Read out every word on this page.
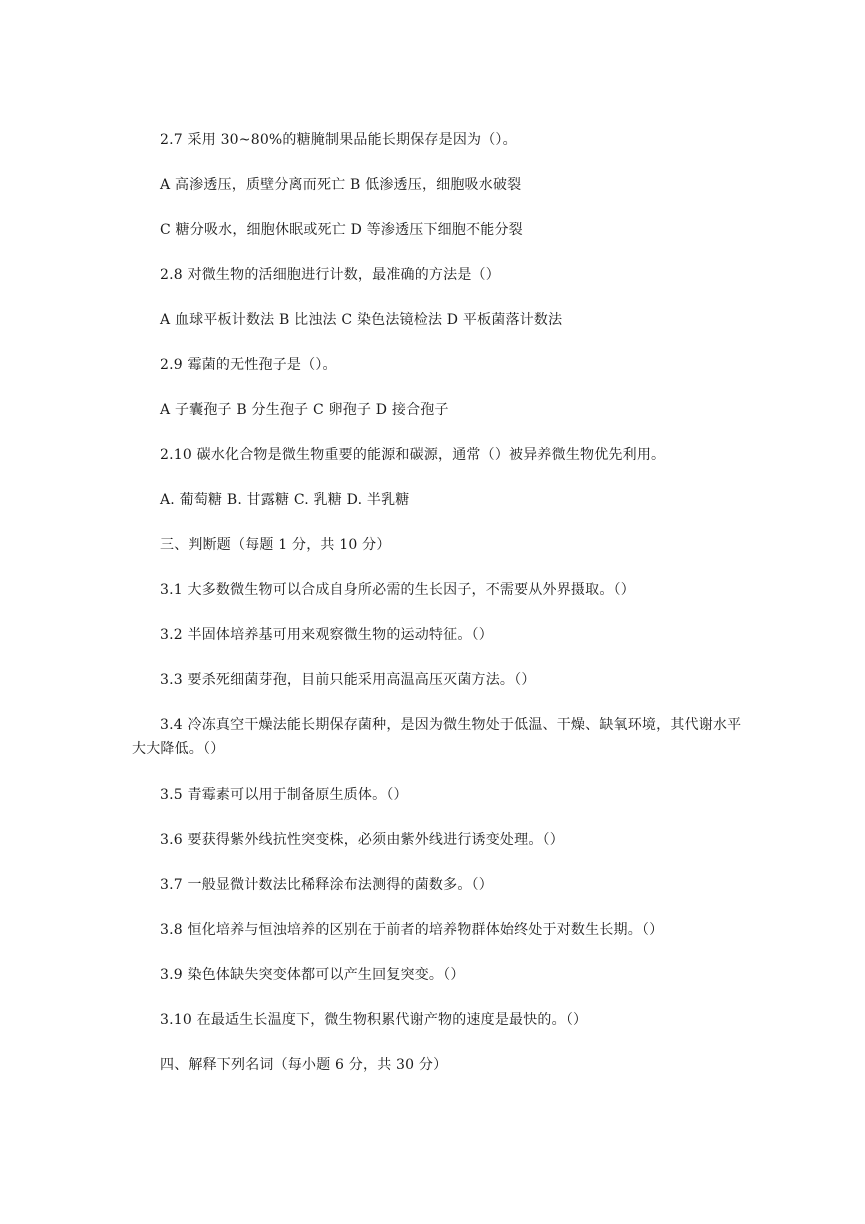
2.7 采用 30~80%的糖腌制果品能长期保存是因为（）。
A 高渗透压，质壁分离而死亡 B 低渗透压，细胞吸水破裂
C 糖分吸水，细胞休眠或死亡 D 等渗透压下细胞不能分裂
2.8 对微生物的活细胞进行计数，最准确的方法是（）
A 血球平板计数法 B 比浊法 C 染色法镜检法 D 平板菌落计数法
2.9 霉菌的无性孢子是（）。
A 子囊孢子 B 分生孢子 C 卵孢子 D 接合孢子
2.10 碳水化合物是微生物重要的能源和碳源，通常（）被异养微生物优先利用。
A. 葡萄糖 B. 甘露糖 C. 乳糖 D. 半乳糖
三、判断题（每题 1 分，共 10 分）
3.1 大多数微生物可以合成自身所必需的生长因子，不需要从外界摄取。（）
3.2 半固体培养基可用来观察微生物的运动特征。（）
3.3 要杀死细菌芽孢，目前只能采用高温高压灭菌方法。（）
3.4 冷冻真空干燥法能长期保存菌种，是因为微生物处于低温、干燥、缺氧环境，其代谢水平大大降低。（）
3.5 青霉素可以用于制备原生质体。（）
3.6 要获得紫外线抗性突变株，必须由紫外线进行诱变处理。（）
3.7 一般显微计数法比稀释涂布法测得的菌数多。（）
3.8 恒化培养与恒浊培养的区别在于前者的培养物群体始终处于对数生长期。（）
3.9 染色体缺失突变体都可以产生回复突变。（）
3.10 在最适生长温度下，微生物积累代谢产物的速度是最快的。（）
四、解释下列名词（每小题 6 分，共 30 分）
